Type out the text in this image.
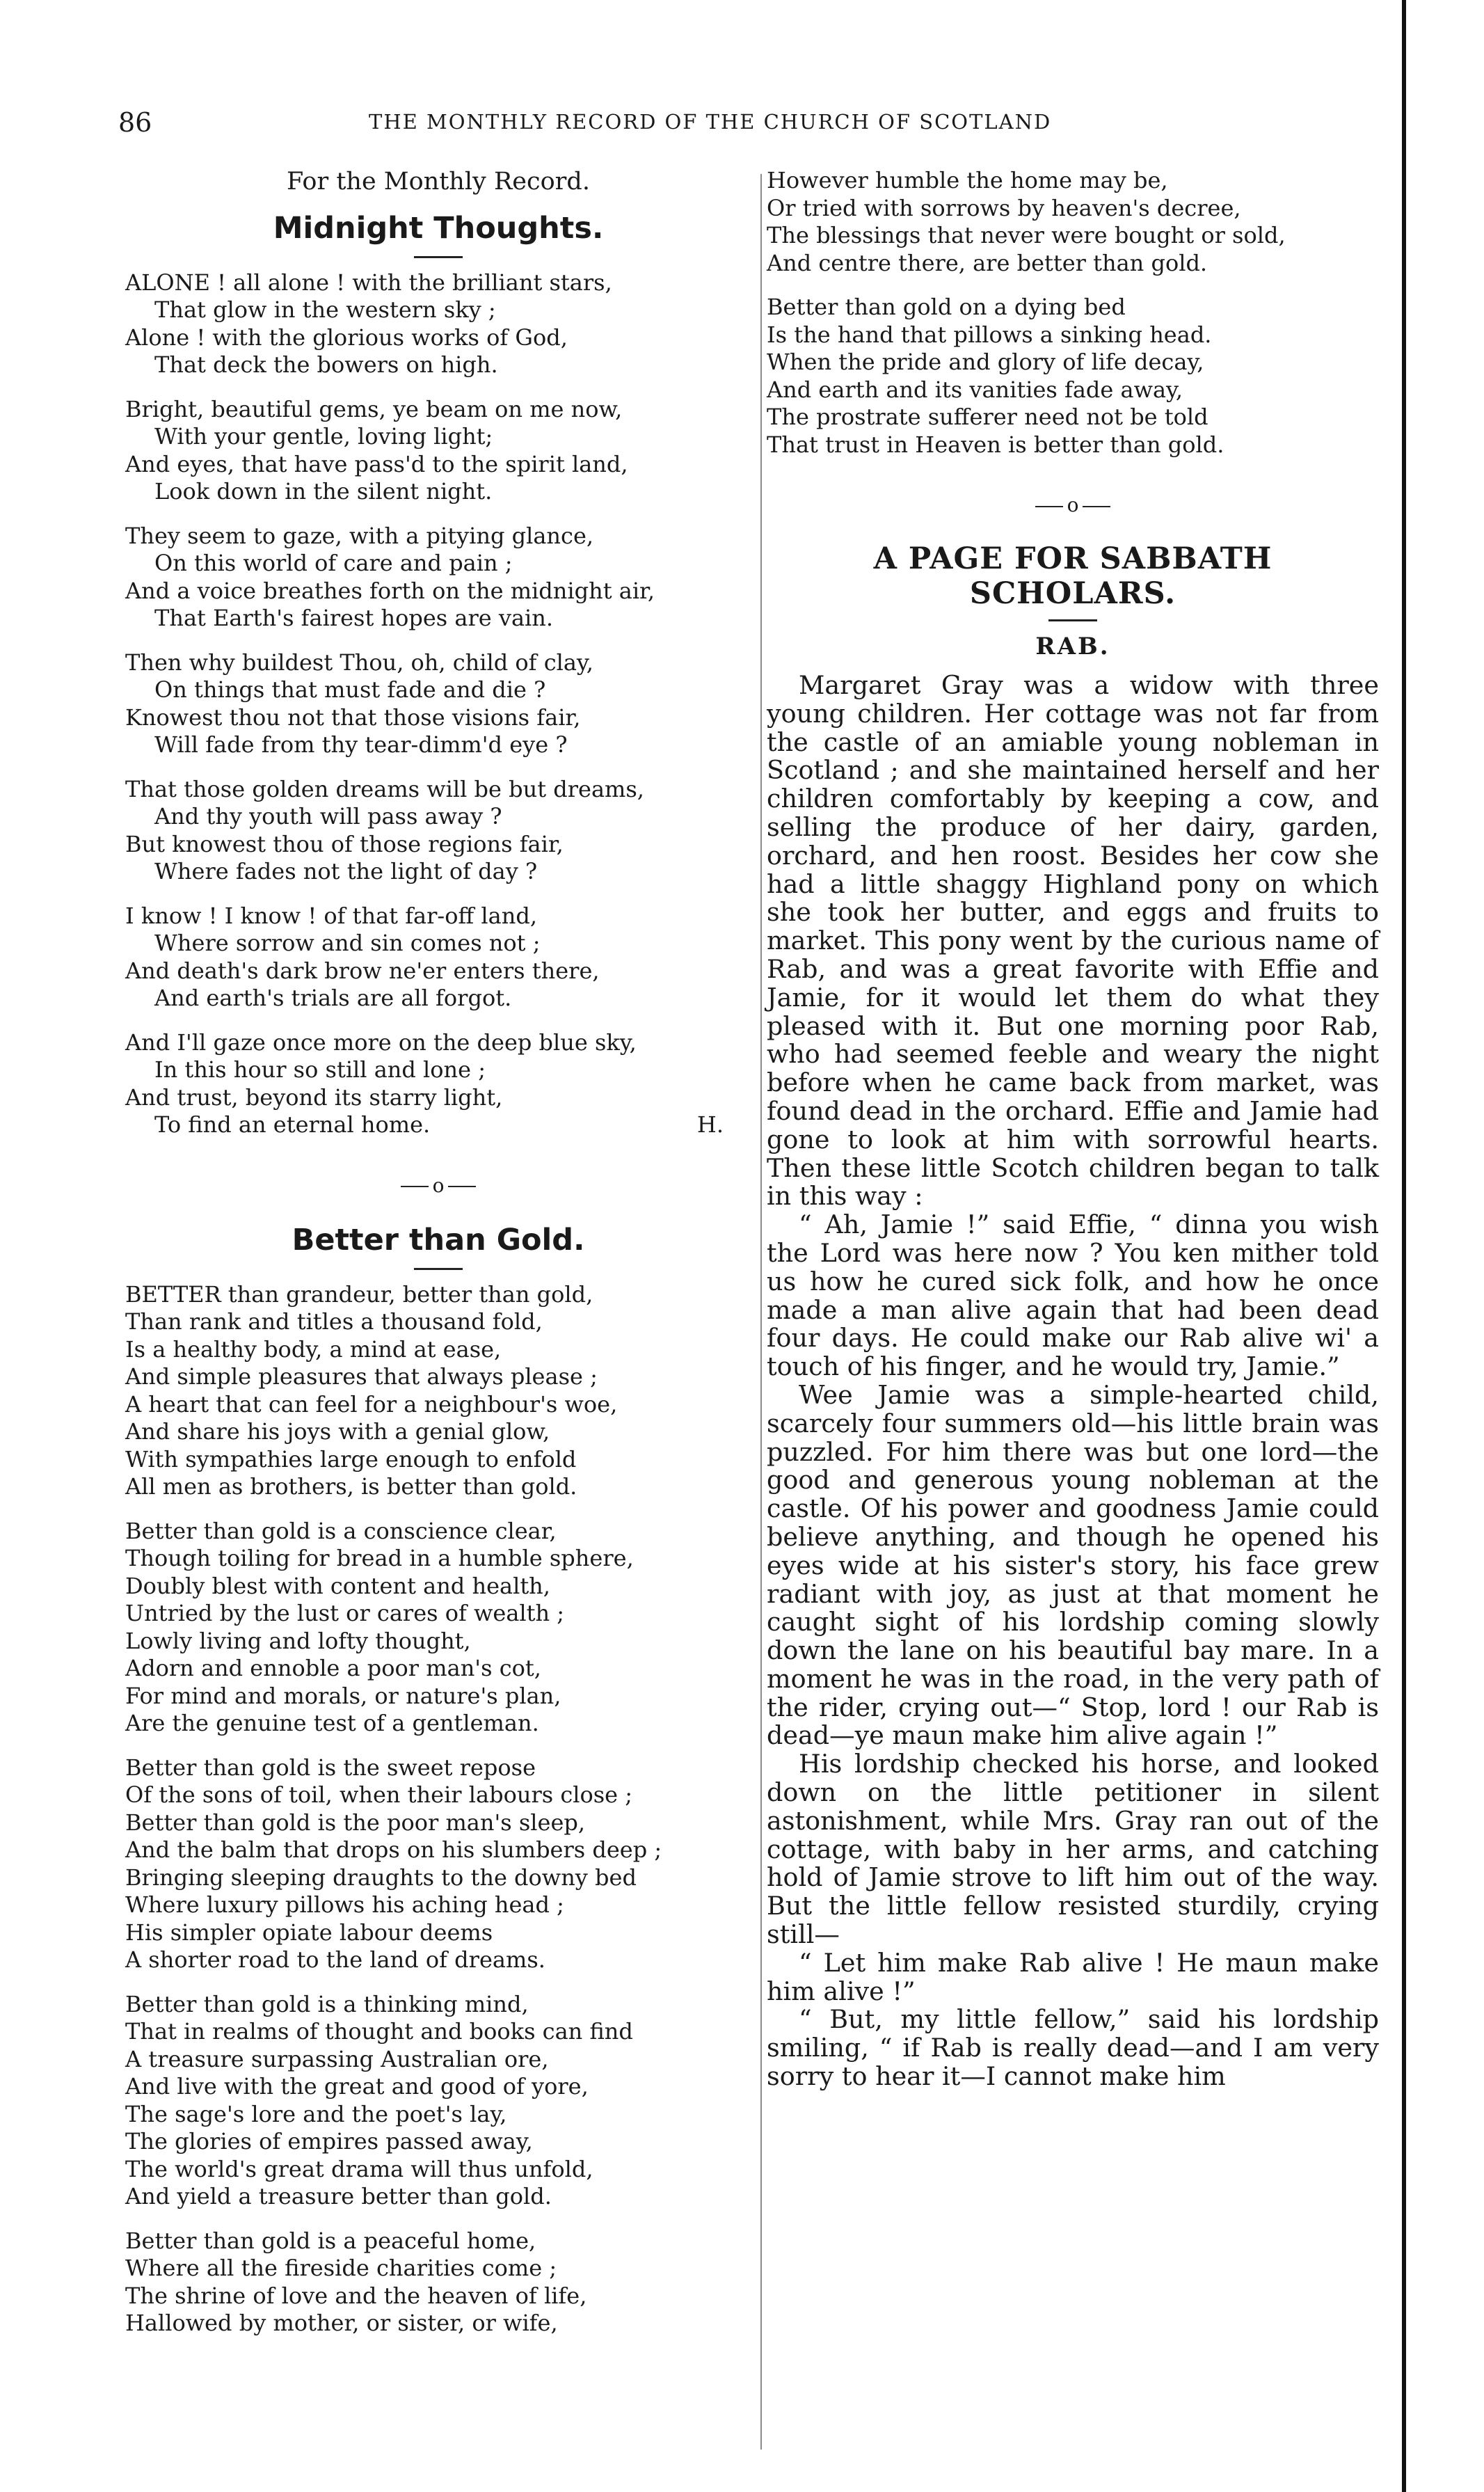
86	THE MONTHLY RECORD OF THE CHURCH OF SCOTLAND
For the Monthly Record.
Midnight Thoughts.
ALONE ! all alone ! with the brilliant stars,
That glow in the western sky ;
Alone ! with the glorious works of God,
That deck the bowers on high.
Bright, beautiful gems, ye beam on me now,
With your gentle, loving light;
And eyes, that have pass'd to the spirit land,
Look down in the silent night.
They seem to gaze, with a pitying glance,
On this world of care and pain ;
And a voice breathes forth on the midnight air,
That Earth's fairest hopes are vain.
Then why buildest Thou, oh, child of clay,
On things that must fade and die ?
Knowest thou not that those visions fair,
Will fade from thy tear-dimm'd eye ?
That those golden dreams will be but dreams,
And thy youth will pass away ?
But knowest thou of those regions fair,
Where fades not the light of day ?
I know ! I know ! of that far-off land,
Where sorrow and sin comes not ;
And death's dark brow ne'er enters there,
And earth's trials are all forgot.
And I'll gaze once more on the deep blue sky,
In this hour so still and lone ;
And trust, beyond its starry light,
To find an eternal home.	H.
o
Better than Gold.
BETTER than grandeur, better than gold,
Than rank and titles a thousand fold,
Is a healthy body, a mind at ease,
And simple pleasures that always please ;
A heart that can feel for a neighbour's woe,
And share his joys with a genial glow,
With sympathies large enough to enfold
All men as brothers, is better than gold.
Better than gold is a conscience clear,
Though toiling for bread in a humble sphere,
Doubly blest with content and health,
Untried by the lust or cares of wealth ;
Lowly living and lofty thought,
Adorn and ennoble a poor man's cot,
For mind and morals, or nature's plan,
Are the genuine test of a gentleman.
Better than gold is the sweet repose
Of the sons of toil, when their labours close ;
Better than gold is the poor man's sleep,
And the balm that drops on his slumbers deep ;
Bringing sleeping draughts to the downy bed
Where luxury pillows his aching head ;
His simpler opiate labour deems
A shorter road to the land of dreams.
Better than gold is a thinking mind,
That in realms of thought and books can find
A treasure surpassing Australian ore,
And live with the great and good of yore,
The sage's lore and the poet's lay,
The glories of empires passed away,
The world's great drama will thus unfold,
And yield a treasure better than gold.
Better than gold is a peaceful home,
Where all the fireside charities come ;
The shrine of love and the heaven of life,
Hallowed by mother, or sister, or wife,
However humble the home may be,
Or tried with sorrows by heaven's decree,
The blessings that never were bought or sold,
And centre there, are better than gold.
Better than gold on a dying bed
Is the hand that pillows a sinking head.
When the pride and glory of life decay,
And earth and its vanities fade away,
The prostrate sufferer need not be told
That trust in Heaven is better than gold.
o
A PAGE FOR SABBATH SCHOLARS.
RAB.

Margaret Gray was a widow with three young children. Her cottage was not far from the castle of an amiable young nobleman in Scotland ; and she maintained herself and her children comfortably by keeping a cow, and selling the produce of her dairy, garden, orchard, and hen roost. Besides her cow she had a little shaggy Highland pony on which she took her butter, and eggs and fruits to market. This pony went by the curious name of Rab, and was a great favorite with Effie and Jamie, for it would let them do what they pleased with it. But one morning poor Rab, who had seemed feeble and weary the night before when he came back from market, was found dead in the orchard. Effie and Jamie had gone to look at him with sorrowful hearts. Then these little Scotch children began to talk in this way :

“ Ah, Jamie !” said Effie, “ dinna you wish the Lord was here now ? You ken mither told us how he cured sick folk, and how he once made a man alive again that had been dead four days. He could make our Rab alive wi' a touch of his finger, and he would try, Jamie.”

Wee Jamie was a simple-hearted child, scarcely four summers old—his little brain was puzzled. For him there was but one lord—the good and generous young nobleman at the castle. Of his power and goodness Jamie could believe anything, and though he opened his eyes wide at his sister's story, his face grew radiant with joy, as just at that moment he caught sight of his lordship coming slowly down the lane on his beautiful bay mare. In a moment he was in the road, in the very path of the rider, crying out—“ Stop, lord ! our Rab is dead—ye maun make him alive again !”

His lordship checked his horse, and looked down on the little petitioner in silent astonishment, while Mrs. Gray ran out of the cottage, with baby in her arms, and catching hold of Jamie strove to lift him out of the way. But the little fellow resisted sturdily, crying still—

“ Let him make Rab alive ! He maun make him alive !”

“ But, my little fellow,” said his lordship smiling, “ if Rab is really dead—and I am very sorry to hear it—I cannot make him
